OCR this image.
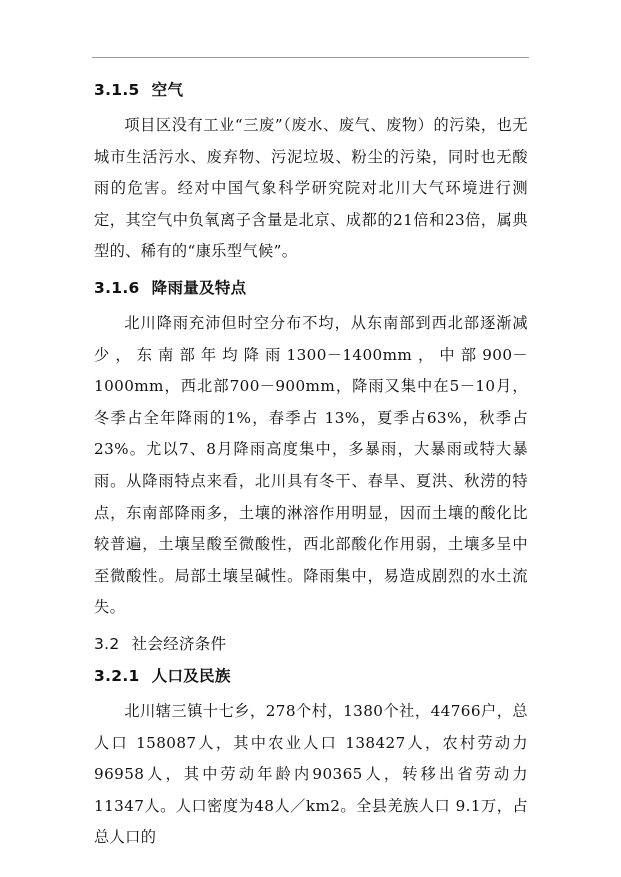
3.1.5 空气

项目区没有工业“三废”（废水、废气、废物）的污染，也无城市生活污水、废弃物、污泥垃圾、粉尘的污染，同时也无酸雨的危害。经对中国气象科学研究院对北川大气环境进行测定，其空气中负氧离子含量是北京、成都的21倍和23倍，属典型的、稀有的“康乐型气候”。

3.1.6 降雨量及特点

北川降雨充沛但时空分布不均，从东南部到西北部逐渐减少，东南部年均降雨1300－1400mm，中部900－1000mm，西北部700－900mm，降雨又集中在5－10月，冬季占全年降雨的1%，春季占 13%，夏季占63%，秋季占23%。尤以7、8月降雨高度集中，多暴雨，大暴雨或特大暴雨。从降雨特点来看，北川具有冬干、春旱、夏洪、秋涝的特点，东南部降雨多，土壤的淋溶作用明显，因而土壤的酸化比较普遍，土壤呈酸至微酸性，西北部酸化作用弱，土壤多呈中至微酸性。局部土壤呈碱性。降雨集中，易造成剧烈的水土流失。

3.2 社会经济条件
3.2.1 人口及民族

北川辖三镇十七乡，278个村，1380个社，44766户，总人口 158087人，其中农业人口 138427人，农村劳动力 96958人，其中劳动年龄内90365人，转移出省劳动力 11347人。人口密度为48人／km2。全县羌族人口 9.1万，占总人口的
